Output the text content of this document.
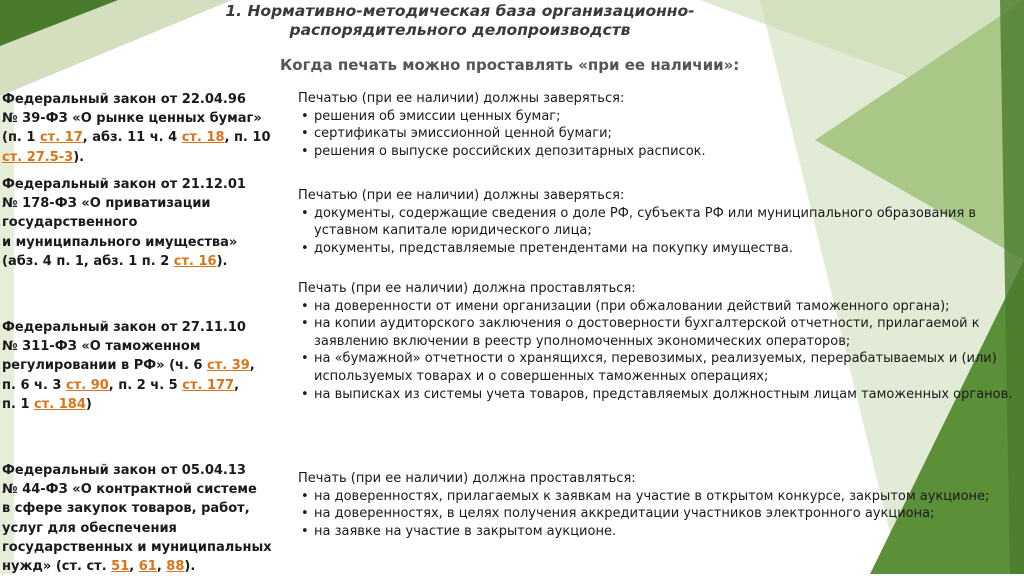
1. Нормативно-методическая база организационно-
распорядительного делопроизводств
Когда печать можно проставлять «при ее наличии»:

Федеральный закон от 22.04.96

№ 39-ФЗ «О рынке ценных бумаг»

(п. 1 ст. 17, абз. 11 ч. 4 ст. 18, п. 10

ст. 27.5-3).

Печатью (при ее наличии) должны заверяться:

• решения об эмиссии ценных бумаг;
• сертификаты эмиссионной ценной бумаги;
• решения о выпуске российских депозитарных расписок.

Федеральный закон от 21.12.01

№ 178-ФЗ «О приватизации

государственного

и муниципального имущества»

(абз. 4 п. 1, абз. 1 п. 2 ст. 16).

Печатью (при ее наличии) должны заверяться:

• документы, содержащие сведения о доле РФ, субъекта РФ или муниципального образования в уставном капитале юридического лица;
• документы, представляемые претендентами на покупку имущества.

Федеральный закон от 27.11.10

№ 311-ФЗ «О таможенном

регулировании в РФ» (ч. 6 ст. 39,

п. 6 ч. 3 ст. 90, п. 2 ч. 5 ст. 177,

п. 1 ст. 184)

Печать (при ее наличии) должна проставляться:

• на доверенности от имени организации (при обжаловании действий таможенного органа);
• на копии аудиторского заключения о достоверности бухгалтерской отчетности, прилагаемой к заявлению включении в реестр уполномоченных экономических операторов;
• на «бумажной» отчетности о хранящихся, перевозимых, реализуемых, перерабатываемых и (или) используемых товарах и о совершенных таможенных операциях;
• на выписках из системы учета товаров, представляемых должностным лицам таможенных органов.

Федеральный закон от 05.04.13

№ 44-ФЗ «О контрактной системе

в сфере закупок товаров, работ,

услуг для обеспечения

государственных и муниципальных

нужд» (ст. ст. 51, 61, 88).

Печать (при ее наличии) должна проставляться:

• на доверенностях, прилагаемых к заявкам на участие в открытом конкурсе, закрытом аукционе;
• на доверенностях, в целях получения аккредитации участников электронного аукциона;
• на заявке на участие в закрытом аукционе.
